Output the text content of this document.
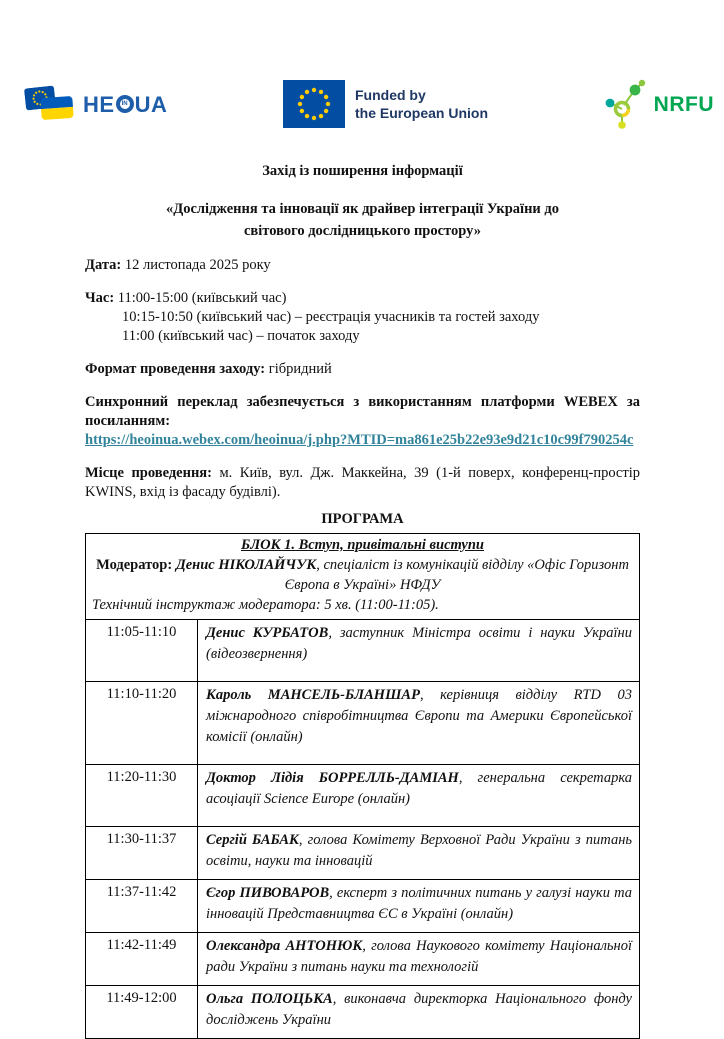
HE IN UA	Funded by
the European Union	NRFU
Захід із поширення інформації
«Дослідження та інновації як драйвер інтеграції України до
світового дослідницького простору»
Дата: 12 листопада 2025 року
Час: 11:00-15:00 (київський час)
10:15-10:50 (київський час) – реєстрація учасників та гостей заходу
11:00 (київський час) – початок заходу
Формат проведення заходу: гібридний
Синхронний переклад забезпечується з використанням платформи WEBEX за посиланням:
https://heoinua.webex.com/heoinua/j.php?MTID=ma861e25b22e93e9d21c10c99f790254c
Місце проведення: м. Київ, вул. Дж. Маккейна, 39 (1-й поверх, конференц-простір KWINS, вхід із фасаду будівлі).
ПРОГРАМА
БЛОК 1. Вступ, привітальні виступи
Модератор: Денис НІКОЛАЙЧУК, спеціаліст із комунікацій відділу «Офіс Горизонт Європа в Україні» НФДУ
Технічний інструктаж модератора: 5 хв. (11:00-11:05).	

11:05-11:10	Денис КУРБАТОВ, заступник Міністра освіти і науки України (відеозвернення)
11:10-11:20	Кароль МАНСЕЛЬ-БЛАНШАР, керівниця відділу RTD 03 міжнародного співробітництва Європи та Америки Європейської комісії (онлайн)
11:20-11:30	Доктор Лідія БОРРЕЛЛЬ-ДАМІАН, генеральна секретарка асоціації Science Europe (онлайн)
11:30-11:37	Сергій БАБАК, голова Комітету Верховної Ради України з питань освіти, науки та інновацій
11:37-11:42	Єгор ПИВОВАРОВ, експерт з політичних питань у галузі науки та інновацій Представництва ЄС в Україні (онлайн)
11:42-11:49	Олександра АНТОНЮК, голова Наукового комітету Національної ради України з питань науки та технологій
11:49-12:00	Ольга ПОЛОЦЬКА, виконавча директорка Національного фонду досліджень України
